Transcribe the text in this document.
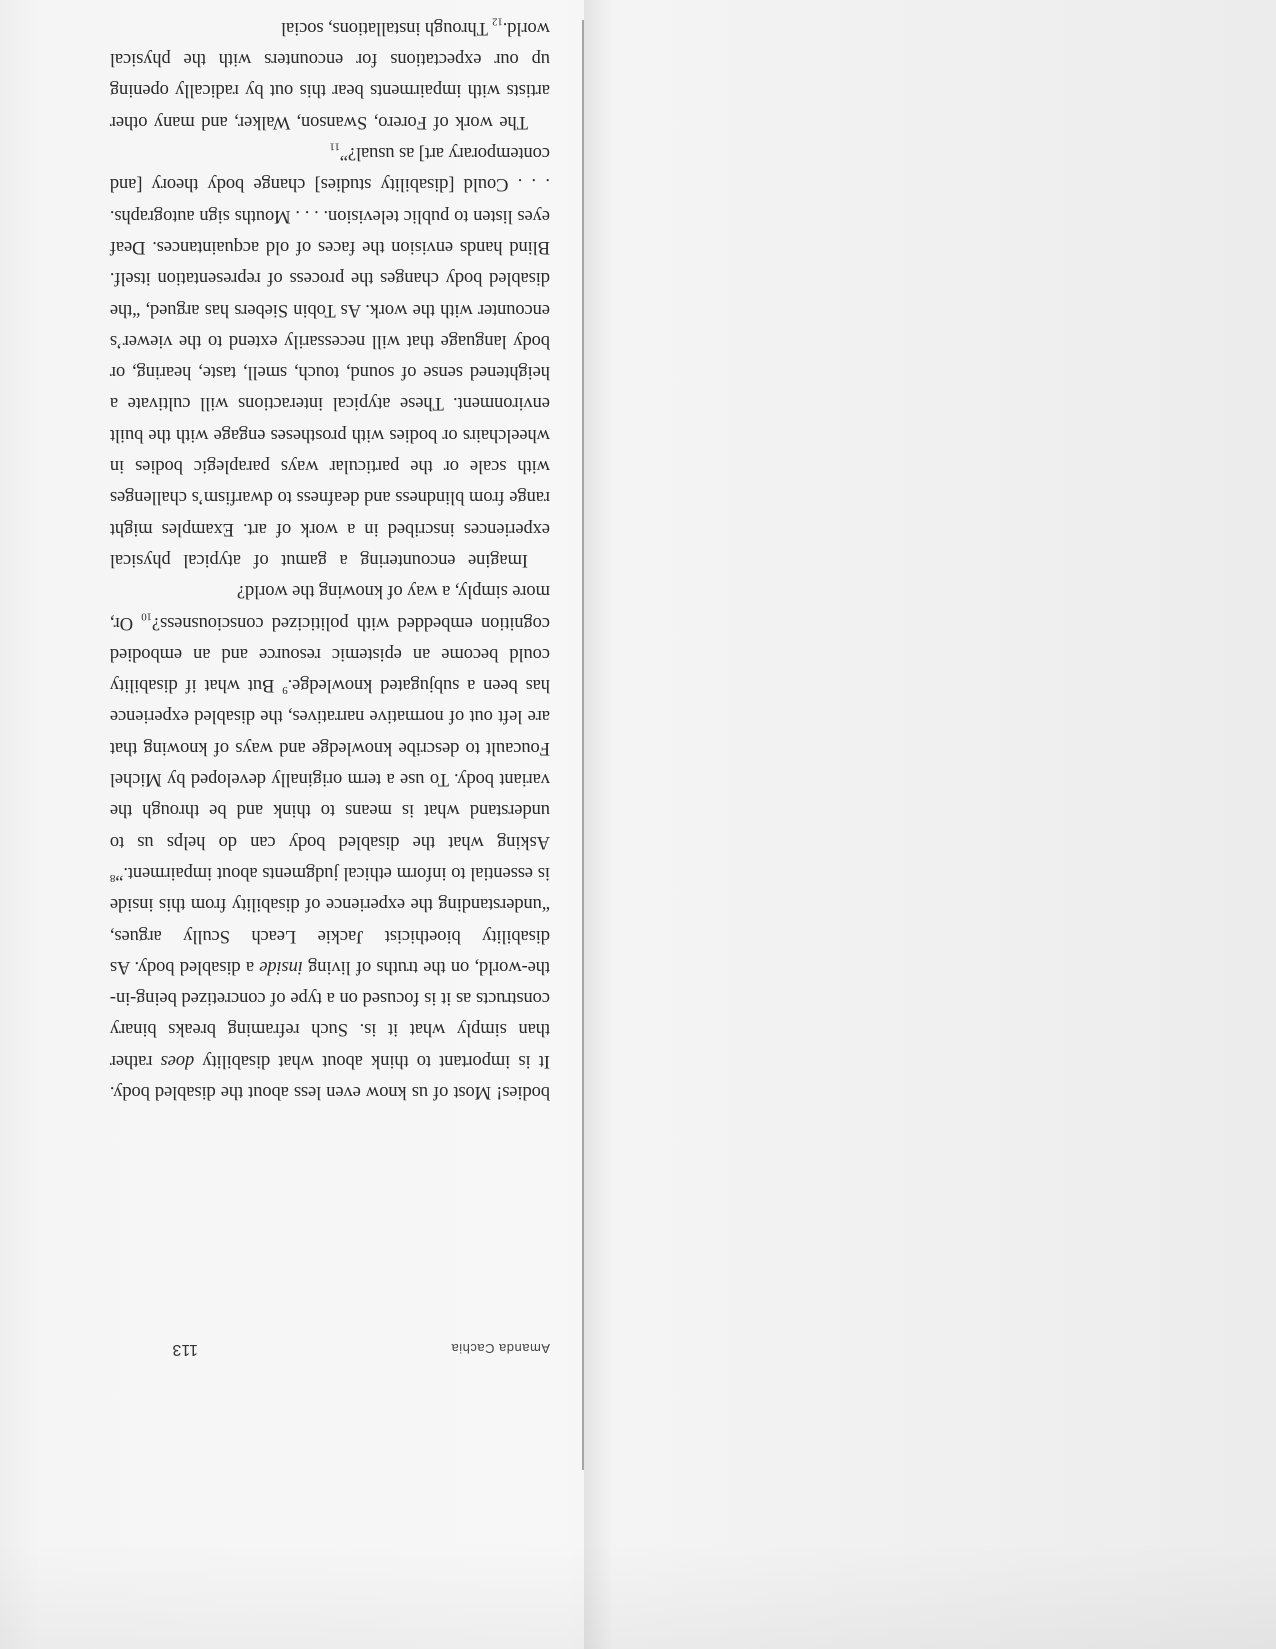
Amanda Cachia
113

bodies! Most of us know even less about the disabled body. It is important to think about what disability does rather than simply what it is. Such reframing breaks binary constructs as it is focused on a type of concretized being-in-the-world, on the truths of living inside a disabled body. As disability bioethicist Jackie Leach Scully argues, “understanding the experience of disability from this inside is essential to inform ethical judgments about impairment.”$^8$ Asking what the disabled body can do helps us to understand what is means to think and be through the variant body. To use a term originally developed by Michel Foucault to describe knowledge and ways of knowing that are left out of normative narratives, the disabled experience has been a subjugated knowledge.$^9$ But what if disability could become an epistemic resource and an embodied cognition embedded with politicized $consciousness?_{10}$ Or, more simply, a way of knowing the world?

Imagine encountering a gamut of atypical physical experiences inscribed in a work of art. Examples might range from blindness and deafness to dwarfism’s challenges with scale or the particular ways paraplegic bodies in wheelchairs or bodies with prostheses engage with the built environment. These atypical interactions will cultivate a heightened sense of sound, touch, smell, taste, hearing, or body language that will necessarily extend to the viewer’s encounter with the work. As Tobin Siebers has argued, “the disabled body changes the process of representation itself. Blind hands envision the faces of old acquaintances. Deaf eyes listen to public television. . . . Mouths sign autographs. . . . Could [disability studies] change body theory [and contemporary art] as $usual?”_{11}$

The work of Forero, Swanson, Walker, and many other artists with impairments bear this out by radically opening up our expectations for encounters with the physical $world._{12}$ Through installations, social
